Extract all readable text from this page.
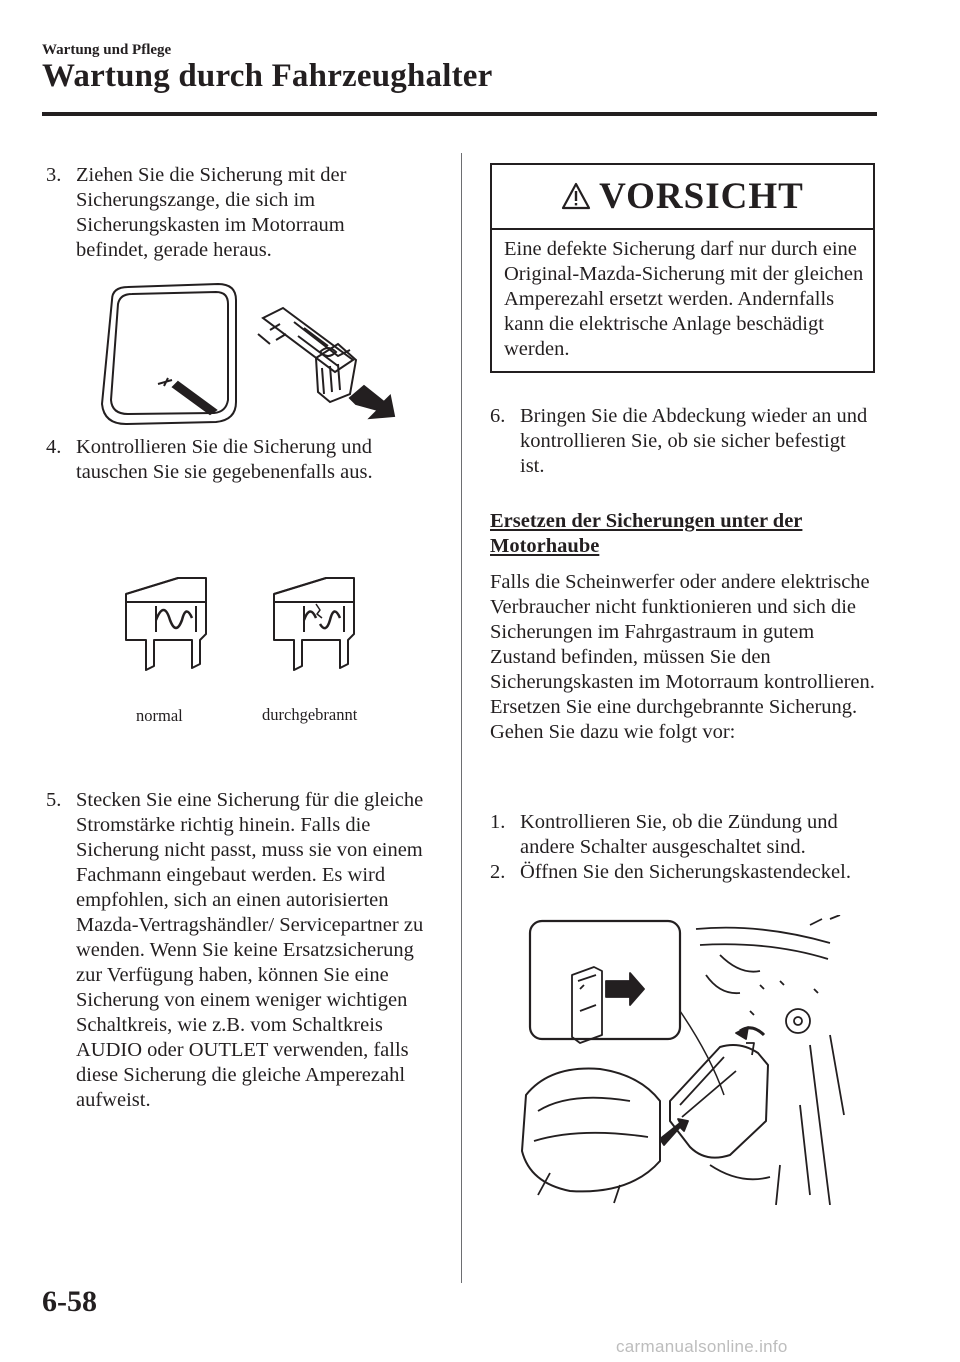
Wartung und Pflege
Wartung durch Fahrzeughalter
3. Ziehen Sie die Sicherung mit der Sicherungszange, die sich im Sicherungskasten im Motorraum befindet, gerade heraus.
4. Kontrollieren Sie die Sicherung und tauschen Sie sie gegebenenfalls aus.
normal	durchgebrannt
5. Stecken Sie eine Sicherung für die gleiche Stromstärke richtig hinein. Falls die Sicherung nicht passt, muss sie von einem Fachmann eingebaut werden. Es wird empfohlen, sich an einen autorisierten Mazda-Vertragshändler/ Servicepartner zu wenden. Wenn Sie keine Ersatzsicherung zur Verfügung haben, können Sie eine Sicherung von einem weniger wichtigen Schaltkreis, wie z.B. vom Schaltkreis AUDIO oder OUTLET verwenden, falls diese Sicherung die gleiche Amperezahl aufweist.
VORSICHT
Eine defekte Sicherung darf nur durch eine Original-Mazda-Sicherung mit der gleichen Amperezahl ersetzt werden. Andernfalls kann die elektrische Anlage beschädigt werden.
6. Bringen Sie die Abdeckung wieder an und kontrollieren Sie, ob sie sicher befestigt ist.
Ersetzen der Sicherungen unter der Motorhaube
Falls die Scheinwerfer oder andere elektrische Verbraucher nicht funktionieren und sich die Sicherungen im Fahrgastraum in gutem Zustand befinden, müssen Sie den Sicherungskasten im Motorraum kontrollieren. Ersetzen Sie eine durchgebrannte Sicherung. Gehen Sie dazu wie folgt vor:
1. Kontrollieren Sie, ob die Zündung und andere Schalter ausgeschaltet sind.
2. Öffnen Sie den Sicherungskastendeckel.
6-58
carmanualsonline.info
